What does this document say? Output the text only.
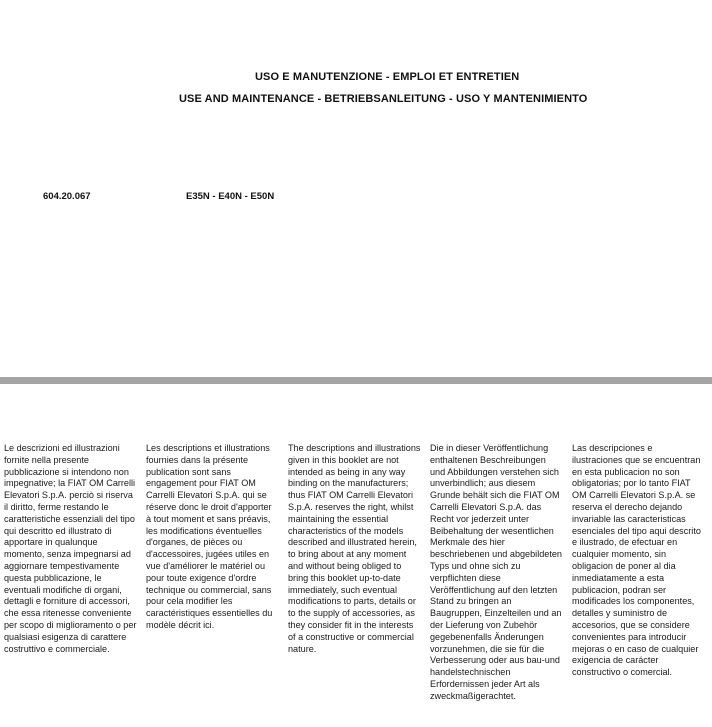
USO E MANUTENZIONE - EMPLOI ET ENTRETIEN
USE AND MAINTENANCE - BETRIEBSANLEITUNG - USO Y MANTENIMIENTO
604.20.067	E35N - E40N - E50N
Le descrizioni ed illustrazioni fornite nella presente pubblicazione si intendono non impegnative; la FIAT OM Carrelli Elevatori S.p.A. perciò si riserva il diritto, ferme restando le caratteristiche essenziali del tipo qui descritto ed illustrato di apportare in qualunque momento, senza impegnarsi ad aggiornare tempestivamente questa pubblicazione, le eventuali modifiche di organi, dettagli e forniture di accessori, che essa ritenesse conveniente per scopo di miglioramento o per qualsiasi esigenza di carattere costruttivo e commerciale.
Les descriptions et illustrations fournies dans la présente publication sont sans engagement pour FIAT OM Carrelli Elevatori S.p.A. qui se réserve donc le droit d'apporter à tout moment et sans préavis, les modifications éventuelles d'organes, de pièces ou d'accessoires, jugées utiles en vue d'améliorer le matériel ou pour toute exigence d'ordre technique ou commercial, sans pour cela modifier les caractéristiques essentielles du modèle décrit ici.
The descriptions and illustrations given in this booklet are not intended as being in any way binding on the manufacturers; thus FIAT OM Carrelli Elevatori S.p.A. reserves the right, whilst maintaining the essential characteristics of the models described and illustrated herein, to bring about at any moment and without being obliged to bring this booklet up-to-date immediately, such eventual modifications to parts, details or to the supply of accessories, as they consider fit in the interests of a constructive or commercial nature.
Die in dieser Veröffentlichung enthaltenen Beschreibungen und Abbildungen verstehen sich unverbindlich; aus diesem Grunde behält sich die FIAT OM Carrelli Elevatori S.p.A. das Recht vor jederzeit unter Beibehaltung der wesentlichen Merkmale des hier beschriebenen und abgebildeten Typs und ohne sich zu verpflichten diese Veröffentlichung auf den letzten Stand zu bringen an Baugruppen, Einzelteilen und an der Lieferung von Zubehör gegebenenfalls Änderungen vorzunehmen, die sie für die Verbesserung oder aus bau-und handelstechnischen Erfordernissen jeder Art als zweckmaßigerachtet.
Las descripciones e ilustraciones que se encuentran en esta publicacion no son obligatorias; por lo tanto FIAT OM Carrelli Elevatori S.p.A. se reserva el derecho dejando invariable las caracteristicas esenciales del tipo aqui descrito e ilustrado, de efectuar en cualquier momento, sin obligacion de poner al dia inmediatamente a esta publicacion, podran ser modificades los componentes, detalles y suministro de accesorios, que se considere convenientes para introducir mejoras o en caso de cualquier exigencia de carácter constructivo o comercial.
